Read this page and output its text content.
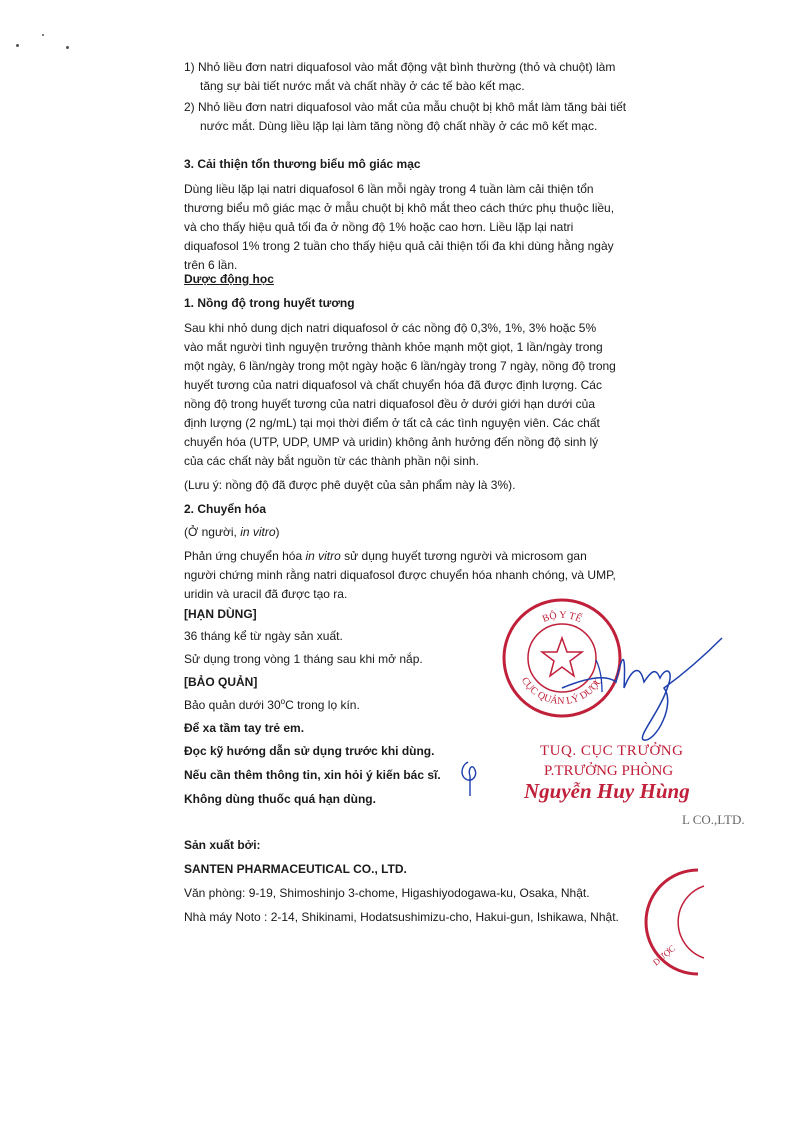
1) Nhỏ liều đơn natri diquafosol vào mắt động vật bình thường (thỏ và chuột) làm tăng sự bài tiết nước mắt và chất nhầy ở các tế bào kết mạc.

2) Nhỏ liều đơn natri diquafosol vào mắt của mẫu chuột bị khô mắt làm tăng bài tiết nước mắt. Dùng liều lặp lại làm tăng nồng độ chất nhầy ở các mô kết mạc.

3. Cải thiện tổn thương biểu mô giác mạc

Dùng liều lặp lại natri diquafosol 6 lần mỗi ngày trong 4 tuần làm cải thiện tổn thương biểu mô giác mạc ở mẫu chuột bị khô mắt theo cách thức phụ thuộc liều, và cho thấy hiệu quả tối đa ở nồng độ 1% hoặc cao hơn. Liều lặp lại natri diquafosol 1% trong 2 tuần cho thấy hiệu quả cải thiện tối đa khi dùng hằng ngày trên 6 lần.

Dược động học

1. Nồng độ trong huyết tương

Sau khi nhỏ dung dịch natri diquafosol ở các nồng độ 0,3%, 1%, 3% hoặc 5% vào mắt người tình nguyện trưởng thành khỏe mạnh một giọt, 1 lần/ngày trong một ngày, 6 lần/ngày trong một ngày hoặc 6 lần/ngày trong 7 ngày, nồng độ trong huyết tương của natri diquafosol và chất chuyển hóa đã được định lượng. Các nồng độ trong huyết tương của natri diquafosol đều ở dưới giới hạn dưới của định lượng (2 ng/mL) tại mọi thời điểm ở tất cả các tình nguyện viên. Các chất chuyển hóa (UTP, UDP, UMP và uridin) không ảnh hưởng đến nồng độ sinh lý của các chất này bắt nguồn từ các thành phần nội sinh.

(Lưu ý: nồng độ đã được phê duyệt của sản phẩm này là 3%).

2. Chuyển hóa

(Ở người, in vitro)

Phản ứng chuyển hóa in vitro sử dụng huyết tương người và microsom gan người chứng minh rằng natri diquafosol được chuyển hóa nhanh chóng, và UMP, uridin và uracil đã được tạo ra.

[HẠN DÙNG]

36 tháng kể từ ngày sản xuất.

Sử dụng trong vòng 1 tháng sau khi mở nắp.

[BẢO QUẢN]

Bảo quản dưới 30$^o$C trong lọ kín.

Để xa tầm tay trẻ em.

Đọc kỹ hướng dẫn sử dụng trước khi dùng.

Nếu cần thêm thông tin, xin hỏi ý kiến bác sĩ.

Không dùng thuốc quá hạn dùng.

Sản xuất bởi:

SANTEN PHARMACEUTICAL CO., LTD.

Văn phòng: 9-19, Shimoshinjo 3-chome, Higashiyodogawa-ku, Osaka, Nhật.

Nhà máy Noto : 2-14, Shikinami, Hodatsushimizu-cho, Hakui-gun, Ishikawa, Nhật.

BỘ Y TẾ
CỤC QUẢN LÝ DƯỢC
TUQ. CỤC TRƯỞNG
P.TRƯỞNG PHÒNG
Nguyễn Huy Hùng
L CO.,LTD.
DƯỢC
